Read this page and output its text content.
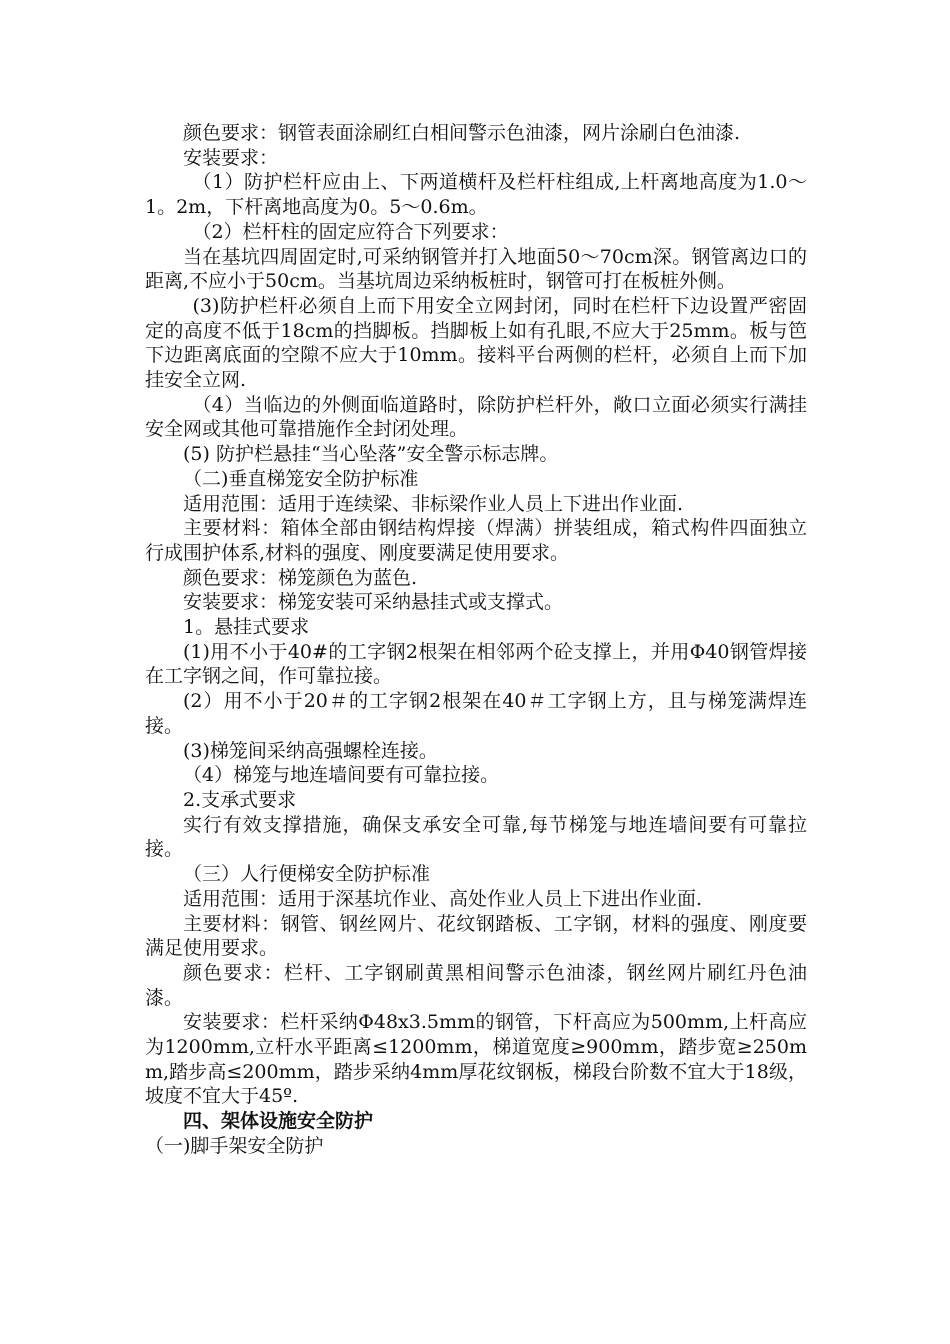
颜色要求：钢管表面涂刷红白相间警示色油漆，网片涂刷白色油漆.

安装要求：

（1）防护栏杆应由上、下两道横杆及栏杆柱组成,上杆离地高度为1.0～1。2m，下杆离地高度为0。5～0.6m。

（2）栏杆柱的固定应符合下列要求：

当在基坑四周固定时,可采纳钢管并打入地面50～70cm深。钢管离边口的距离,不应小于50cm。当基坑周边采纳板桩时，钢管可打在板桩外侧。

(3)防护栏杆必须自上而下用安全立网封闭，同时在栏杆下边设置严密固定的高度不低于18cm的挡脚板。挡脚板上如有孔眼,不应大于25mm。板与笆下边距离底面的空隙不应大于10mm。接料平台两侧的栏杆，必须自上而下加挂安全立网.

（4）当临边的外侧面临道路时，除防护栏杆外，敞口立面必须实行满挂安全网或其他可靠措施作全封闭处理。

(5) 防护栏悬挂“当心坠落”安全警示标志牌。

（二)垂直梯笼安全防护标准

适用范围：适用于连续梁、非标梁作业人员上下进出作业面.

主要材料：箱体全部由钢结构焊接（焊满）拼装组成，箱式构件四面独立行成围护体系,材料的强度、刚度要满足使用要求。

颜色要求：梯笼颜色为蓝色.

安装要求：梯笼安装可采纳悬挂式或支撑式。

1。悬挂式要求

(1)用不小于40#的工字钢2根架在相邻两个砼支撑上，并用Φ40钢管焊接在工字钢之间，作可靠拉接。

(2）用不小于20＃的工字钢2根架在40＃工字钢上方，且与梯笼满焊连接。

(3)梯笼间采纳高强螺栓连接。

（4）梯笼与地连墙间要有可靠拉接。

2.支承式要求

实行有效支撑措施，确保支承安全可靠,每节梯笼与地连墙间要有可靠拉接。

（三）人行便梯安全防护标准

适用范围：适用于深基坑作业、高处作业人员上下进出作业面.

主要材料：钢管、钢丝网片、花纹钢踏板、工字钢，材料的强度、刚度要满足使用要求。

颜色要求：栏杆、工字钢刷黄黑相间警示色油漆，钢丝网片刷红丹色油漆。

安装要求：栏杆采纳Φ48x3.5mm的钢管，下杆高应为500mm,上杆高应为1200mm,立杆水平距离≤1200mm，梯道宽度≥900mm，踏步宽≥250mm,踏步高≤200mm，踏步采纳4mm厚花纹钢板，梯段台阶数不宜大于18级，坡度不宜大于45º.

四、架体设施安全防护

（一)脚手架安全防护
